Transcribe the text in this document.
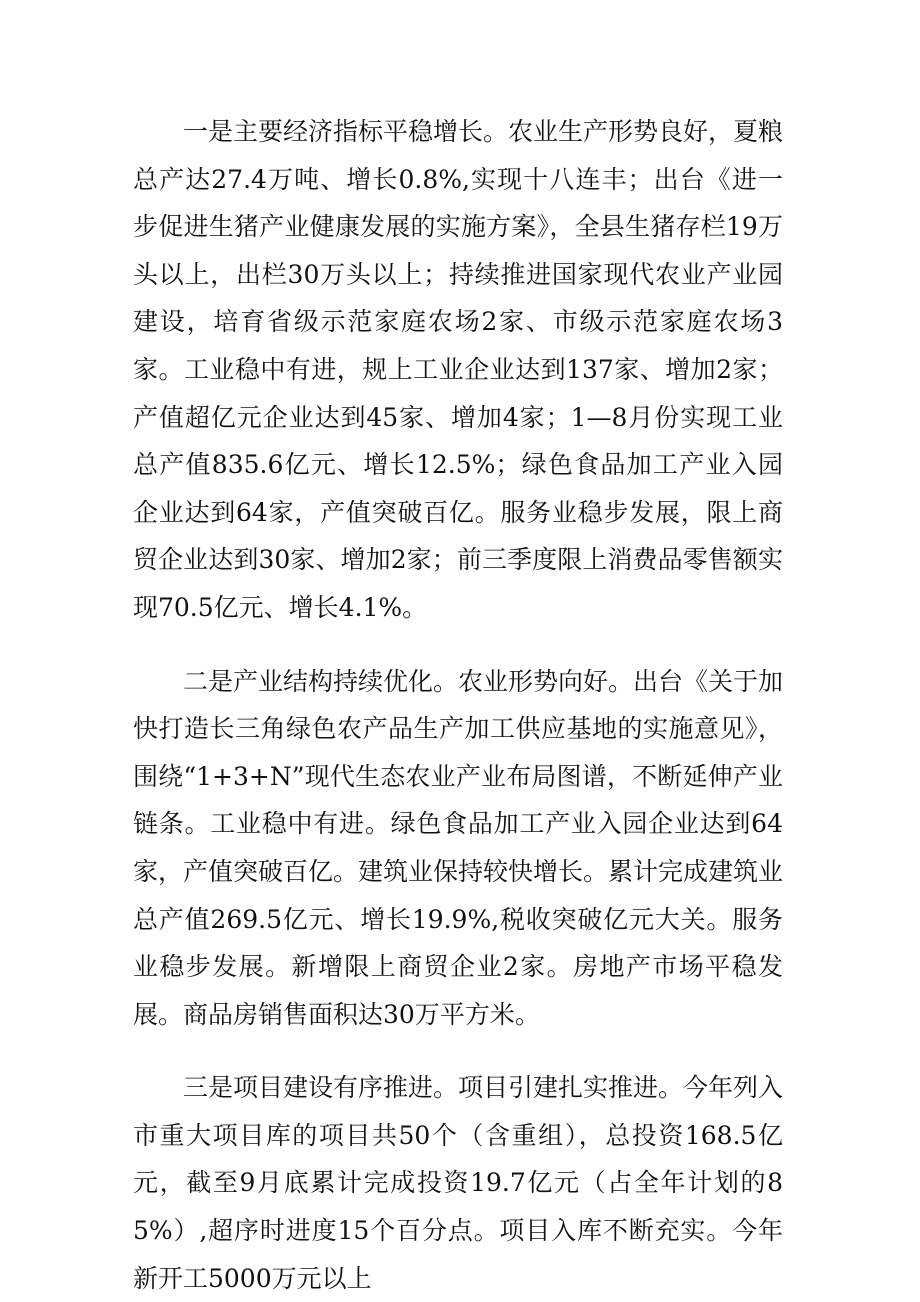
一是主要经济指标平稳增长。农业生产形势良好，夏粮总产达27.4万吨、增长0.8%,实现十八连丰；出台《进一步促进生猪产业健康发展的实施方案》，全县生猪存栏19万头以上，出栏30万头以上；持续推进国家现代农业产业园建设，培育省级示范家庭农场2家、市级示范家庭农场3家。工业稳中有进，规上工业企业达到137家、增加2家；产值超亿元企业达到45家、增加4家；1—8月份实现工业总产值835.6亿元、增长12.5%；绿色食品加工产业入园企业达到64家，产值突破百亿。服务业稳步发展，限上商贸企业达到30家、增加2家；前三季度限上消费品零售额实现70.5亿元、增长4.1%。

二是产业结构持续优化。农业形势向好。出台《关于加快打造长三角绿色农产品生产加工供应基地的实施意见》，围绕“1+3+N”现代生态农业产业布局图谱，不断延伸产业链条。工业稳中有进。绿色食品加工产业入园企业达到64家，产值突破百亿。建筑业保持较快增长。累计完成建筑业总产值269.5亿元、增长19.9%,税收突破亿元大关。服务业稳步发展。新增限上商贸企业2家。房地产市场平稳发展。商品房销售面积达30万平方米。

三是项目建设有序推进。项目引建扎实推进。今年列入市重大项目库的项目共50个（含重组），总投资168.5亿元，截至9月底累计完成投资19.7亿元（占全年计划的85%）,超序时进度15个百分点。项目入库不断充实。今年新开工5000万元以上
